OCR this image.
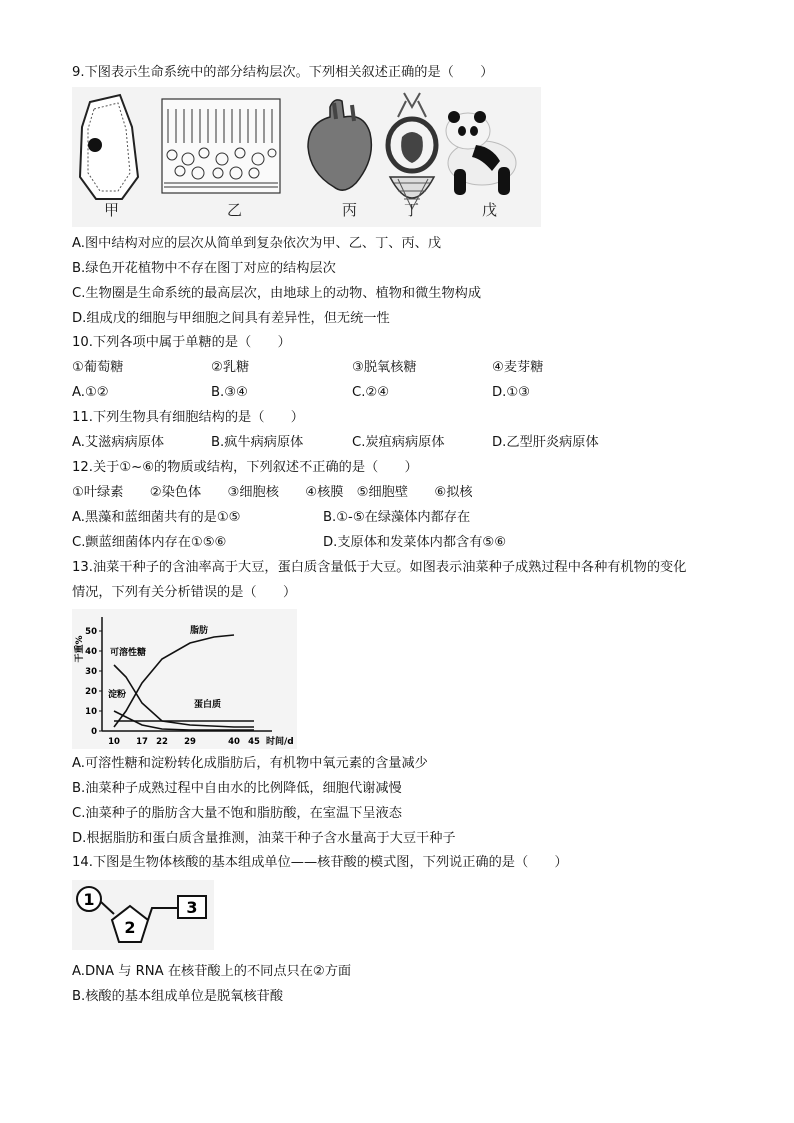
9.下图表示生命系统中的部分结构层次。下列相关叙述正确的是（　　）
甲	乙	丙	丁	戊
A.图中结构对应的层次从简单到复杂依次为甲、乙、丁、丙、戊
B.绿色开花植物中不存在图丁对应的结构层次
C.生物圈是生命系统的最高层次，由地球上的动物、植物和微生物构成
D.组成戊的细胞与甲细胞之间具有差异性，但无统一性
10.下列各项中属于单糖的是（　　）
①葡萄糖	②乳糖	③脱氧核糖	④麦芽糖
A.①②	B.③④	C.②④	D.①③
11.下列生物具有细胞结构的是（　　）
A.艾滋病病原体	B.疯牛病病原体	C.炭疽病病原体	D.乙型肝炎病原体
12.关于①~⑥的物质或结构，下列叙述不正确的是（　　）
①叶绿素　　②染色体　　③细胞核　　④核膜　⑤细胞壁　　⑥拟核
A.黑藻和蓝细菌共有的是①⑤	B.①-⑤在绿藻体内都存在
C.颤蓝细菌体内存在①⑤⑥	D.支原体和发菜体内都含有⑤⑥
13.油菜干种子的含油率高于大豆，蛋白质含量低于大豆。如图表示油菜种子成熟过程中各种有机物的变化
情况，下列有关分析错误的是（　　）
干重%
时间/d
0
10
20
30
40
50
10 17 22 29	40 45
脂肪
可溶性糖
淀粉
蛋白质
A.可溶性糖和淀粉转化成脂肪后，有机物中氧元素的含量减少
B.油菜种子成熟过程中自由水的比例降低，细胞代谢减慢
C.油菜种子的脂肪含大量不饱和脂肪酸，在室温下呈液态
D.根据脂肪和蛋白质含量推测，油菜干种子含水量高于大豆干种子
14.下图是生物体核酸的基本组成单位——核苷酸的模式图，下列说正确的是（　　）
1
2
3
A.DNA 与 RNA 在核苷酸上的不同点只在②方面
B.核酸的基本组成单位是脱氧核苷酸
